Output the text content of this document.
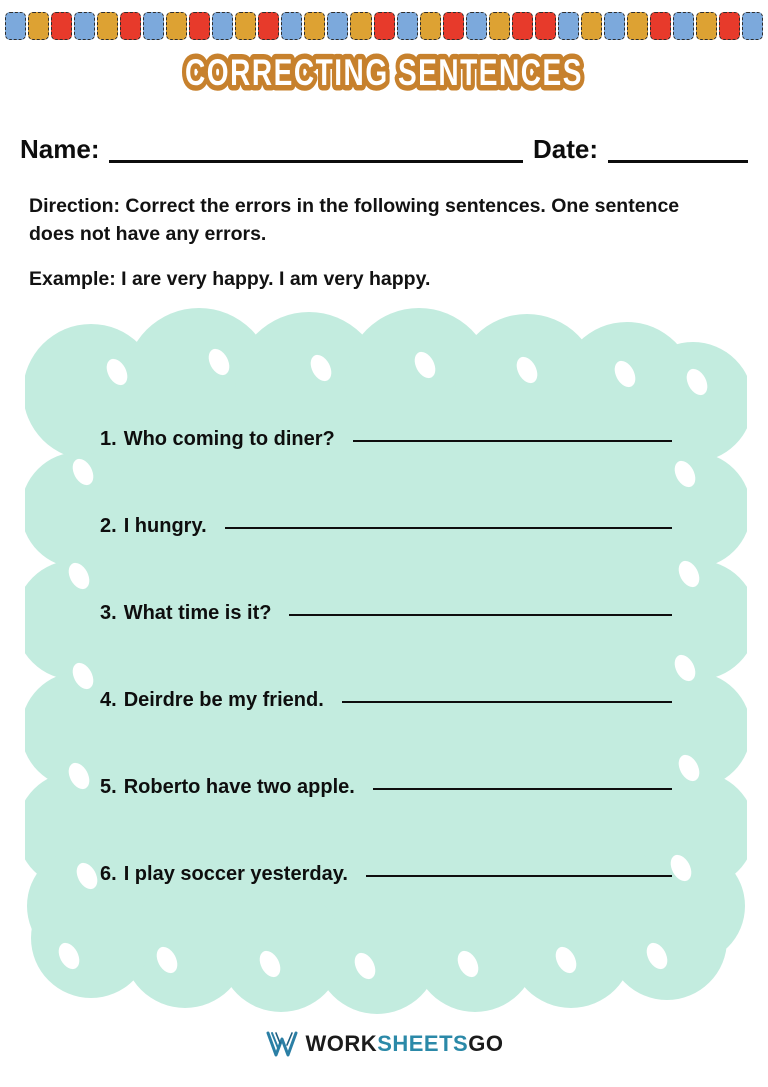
CORRECTING SENTENCES
Name:	Date:
Direction: Correct the errors in the following sentences. One sentence does not have any errors.
Example: I are very happy. I am very happy.
1. Who coming to diner?
2. I hungry.
3. What time is it?
4. Deirdre be my friend.
5. Roberto have two apple.
6. I play soccer yesterday.
WORK SHEETS GO
